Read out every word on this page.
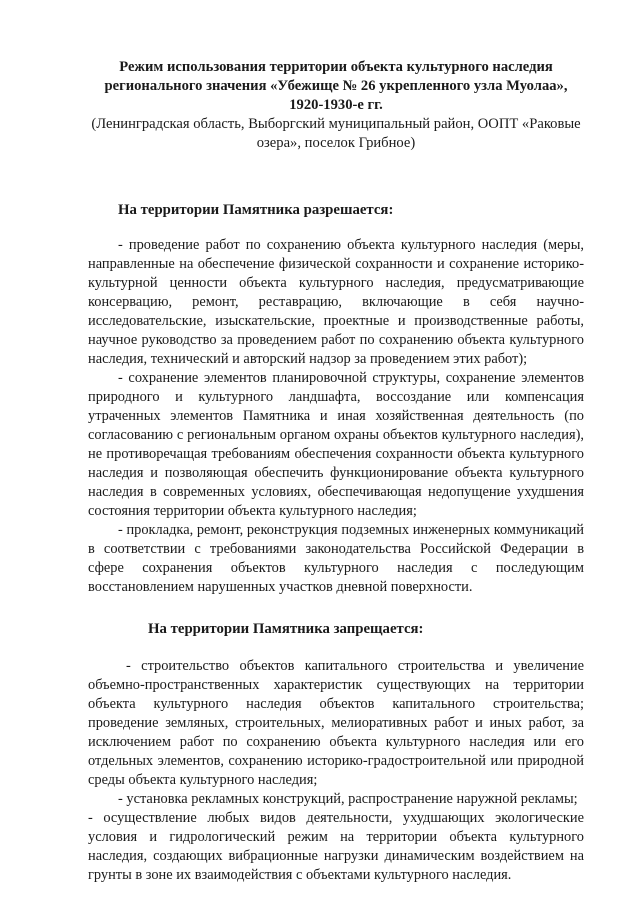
Режим использования территории объекта культурного наследия

регионального значения «Убежище № 26 укрепленного узла Муолаа»,

1920-1930-е гг.

(Ленинградская область, Выборгский муниципальный район, ООПТ «Раковые

озера», поселок Грибное)

На территории Памятника разрешается:

- проведение работ по сохранению объекта культурного наследия (меры, направленные на обеспечение физической сохранности и сохранение историко-культурной ценности объекта культурного наследия, предусматривающие консервацию, ремонт, реставрацию, включающие в себя научно-исследовательские, изыскательские, проектные и производственные работы, научное руководство за проведением работ по сохранению объекта культурного наследия, технический и авторский надзор за проведением этих работ);

- сохранение элементов планировочной структуры, сохранение элементов природного и культурного ландшафта, воссоздание или компенсация утраченных элементов Памятника и иная хозяйственная деятельность (по согласованию с региональным органом охраны объектов культурного наследия), не противоречащая требованиям обеспечения сохранности объекта культурного наследия и позволяющая обеспечить функционирование объекта культурного наследия в современных условиях, обеспечивающая недопущение ухудшения состояния территории объекта культурного наследия;

- прокладка, ремонт, реконструкция подземных инженерных коммуникаций в соответствии с требованиями законодательства Российской Федерации в сфере сохранения объектов культурного наследия с последующим восстановлением нарушенных участков дневной поверхности.

На территории Памятника запрещается:

- строительство объектов капитального строительства и увеличение объемно-пространственных характеристик существующих на территории объекта культурного наследия объектов капитального строительства; проведение земляных, строительных, мелиоративных работ и иных работ, за исключением работ по сохранению объекта культурного наследия или его отдельных элементов, сохранению историко-градостроительной или природной среды объекта культурного наследия;

- установка рекламных конструкций, распространение наружной рекламы;

- осуществление любых видов деятельности, ухудшающих экологические условия и гидрологический режим на территории объекта культурного наследия, создающих вибрационные нагрузки динамическим воздействием на грунты в зоне их взаимодействия с объектами культурного наследия.
